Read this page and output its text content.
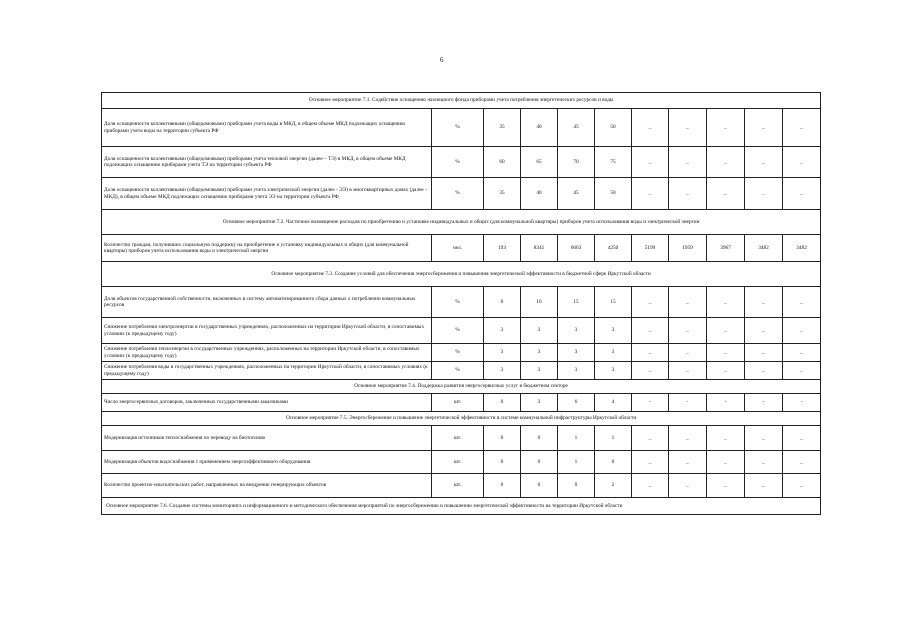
6
Основное мероприятие 7.1. Содействие оснащению жилищного фонда приборами учета потребления энергетических ресурсов и воды										
Доля оснащенности коллективными (общедомовыми) приборами учета воды в МКД, в общем объеме МКД подлежащих оснащению приборами учета воды на территории субъекта РФ	%	35	40	45	50	_	_	_	_	_
Доля оснащенности коллективными (общедомовыми) приборами учета тепловой энергии (далее – ТЭ) в МКД, в общем объеме МКД подлежащих оснащению приборами учета ТЭ на территории субъекта РФ	%	60	65	70	75	_	_	_	_	_
Доля оснащенности коллективными (общедомовыми) приборами учета электрической энергии (далее - ЭЭ) в многоквартирных домах (далее - МКД), в общем объеме МКД подлежащих оснащению приборами учета ЭЭ на территории субъекта РФ	%	35	40	45	50	_	_	_	_	_
Основное мероприятие 7.2. Частичное возмещение расходов по приобретению и установке индивидуальных и общих (для коммунальной квартиры) приборов учета использования воды и электрической энергии										
Количество граждан, получивших социальную поддержку на приобретение и установку индивидуальных и общих (для коммунальной квартиры) приборов учета использования воды и электрической энергии	чел.	193	8341	6663	4250	5199	1959	3967	3482	3482
Основное мероприятие 7.3. Создание условий для обеспечения энергосбережения и повышения энергетической эффективности в бюджетной сфере Иркутской области										
Доля объектов государственной собственности, включенных в систему автоматизированного сбора данных о потреблении коммунальных ресурсов	%	0	10	15	15	_	_	_	_	_
Снижение потребления электроэнергии в государственных учреждениях, расположенных на территории Иркутской области, в сопоставимых условиях (к предыдущему году)	%	3	3	3	3	_	_	_	_	_
Снижение потребления теплоэнергии в государственных учреждениях, расположенных на территории Иркутской области, в сопоставимых условиях (к предыдущему году)	%	3	3	3	3	_	_	_	_	_
Снижение потребления воды в государственных учреждениях, расположенных на территории Иркутской области, в сопоставимых условиях (к предыдущему году)	%	3	3	3	3	_	_	_	_	_
Основное мероприятие 7.4. Поддержка развития энергосервисных услуг в бюджетном секторе										
Число энергосервисных договоров, заключенных государственными заказчиками	шт.	0	3	6	4	-	-	-	-	-
Основное мероприятие 7.5. Энергосбережение и повышение энергетической эффективности в системе коммунальной инфраструктуры Иркутской области										
Модернизация источников теплоснабжения по переводу на биотопливо	шт.	0	0	1	1	_	_	_	_	_
Модернизация объектов водоснабжения с применением энергоэффективного оборудования	шт.	0	0	1	0	_	_	_	_	_
Количество проектно-изыскательских работ, направленных на внедрение генерирующих объектов	шт.	0	0	0	2	_	_	_	_	_
Основное мероприятие 7.6. Создание системы мониторинга и информационного и методического обеспечения мероприятий по энергосбережению и повышению энергетической эффективности на территории Иркутской области										
